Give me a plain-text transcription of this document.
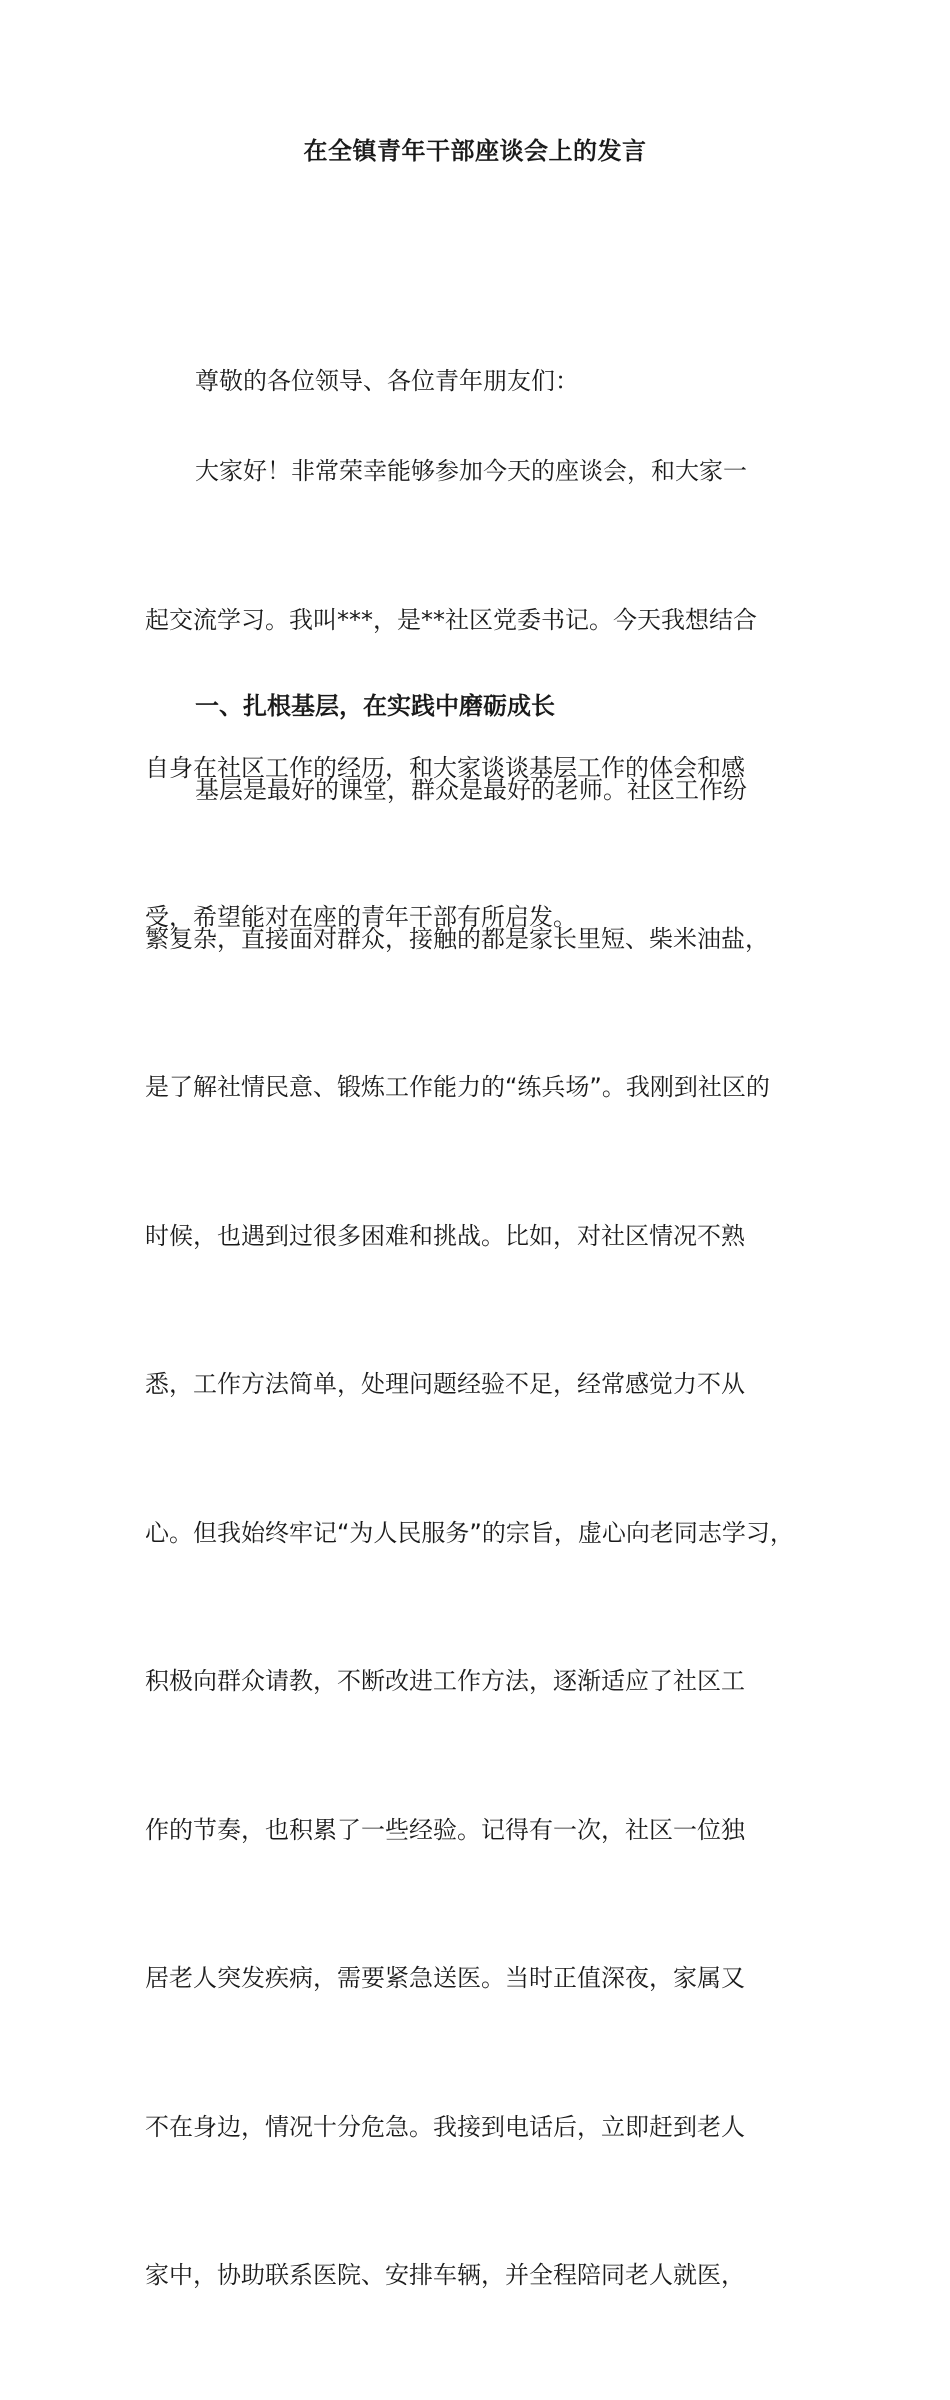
在全镇青年干部座谈会上的发言

尊敬的各位领导、各位青年朋友们：

大家好！非常荣幸能够参加今天的座谈会，和大家一

起交流学习。我叫***，是**社区党委书记。今天我想结合

自身在社区工作的经历，和大家谈谈基层工作的体会和感

受，希望能对在座的青年干部有所启发。

一、扎根基层，在实践中磨砺成长

基层是最好的课堂，群众是最好的老师。社区工作纷

繁复杂，直接面对群众，接触的都是家长里短、柴米油盐，

是了解社情民意、锻炼工作能力的“练兵场”。我刚到社区的

时候，也遇到过很多困难和挑战。比如，对社区情况不熟

悉，工作方法简单，处理问题经验不足，经常感觉力不从

心。但我始终牢记“为人民服务”的宗旨，虚心向老同志学习，

积极向群众请教，不断改进工作方法，逐渐适应了社区工

作的节奏，也积累了一些经验。记得有一次，社区一位独

居老人突发疾病，需要紧急送医。当时正值深夜，家属又

不在身边，情况十分危急。我接到电话后，立即赶到老人

家中，协助联系医院、安排车辆，并全程陪同老人就医，
